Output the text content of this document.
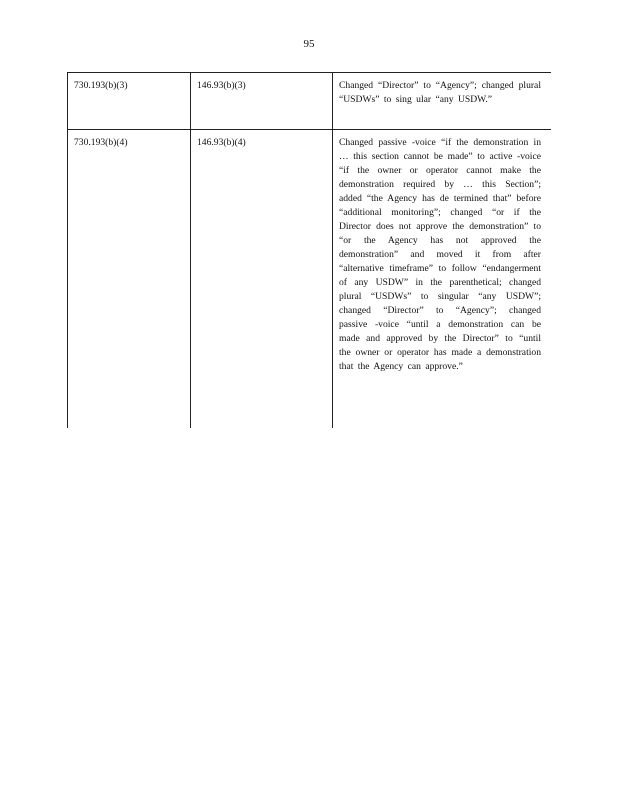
95
730.193(b)(3)	146.93(b)(3)	Changed “Director” to “Agency”; changed plural “USDWs” to sing ular “any USDW.”
730.193(b)(4)	146.93(b)(4)	Changed passive -voice “if the demonstration in … this section cannot be made” to active -voice “if the owner or operator cannot make the demonstration required by … this Section”; added “the Agency has de termined that” before “additional monitoring”; changed “or if the Director does not approve the demonstration” to “or the Agency has not approved the demonstration” and moved it from after “alternative timeframe” to follow “endangerment of any USDW” in the parenthetical; changed plural “USDWs” to singular “any USDW”; changed “Director” to “Agency”; changed passive -voice “until a demonstration can be made and approved by the Director” to “until the owner or operator has made a demonstration that the Agency can approve.”
